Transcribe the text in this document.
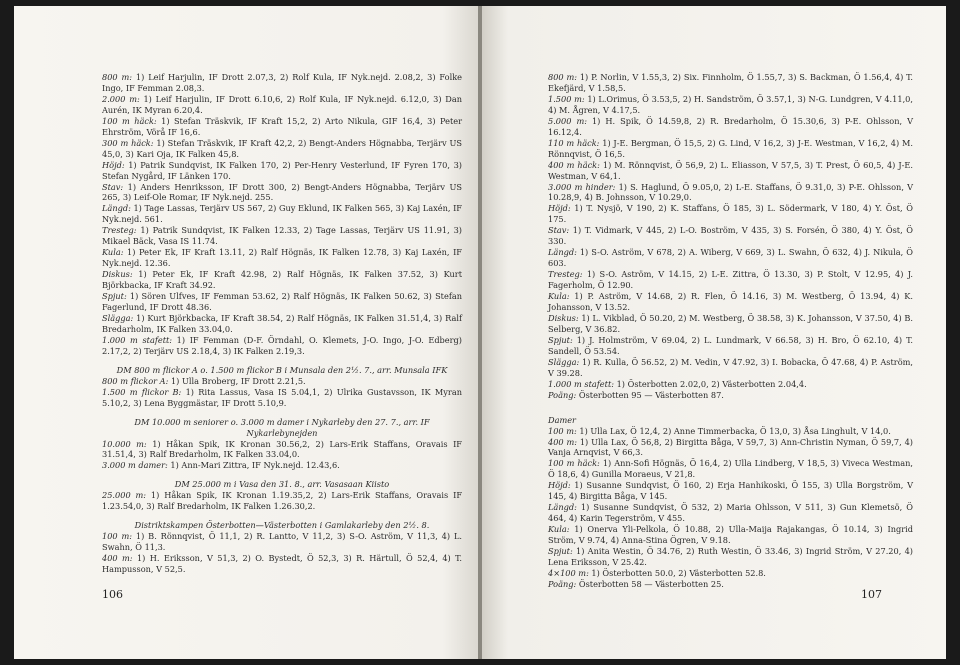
800 m: 1) Leif Harjulin, IF Drott 2.07,3, 2) Rolf Kula, IF Nyk.nejd. 2.08,2, 3) Folke Ingo, IF Femman 2.08,3.

2.000 m: 1) Leif Harjulin, IF Drott 6.10,6, 2) Rolf Kula, IF Nyk.nejd. 6.12,0, 3) Dan Aurén, IK Myran 6.20,4.

100 m häck: 1) Stefan Träskvik, IF Kraft 15,2, 2) Arto Nikula, GIF 16,4, 3) Peter Ehrström, Vörå IF 16,6.

300 m häck: 1) Stefan Träskvik, IF Kraft 42,2, 2) Bengt-Anders Högnabba, Terjärv US 45,0, 3) Kari Oja, IK Falken 45,8.

Höjd: 1) Patrik Sundqvist, IK Falken 170, 2) Per-Henry Vesterlund, IF Fyren 170, 3) Stefan Nygård, IF Länken 170.

Stav: 1) Anders Henriksson, IF Drott 300, 2) Bengt-Anders Högnabba, Terjärv US 265, 3) Leif-Ole Romar, IF Nyk.nejd. 255.

Längd: 1) Tage Lassas, Terjärv US 567, 2) Guy Eklund, IK Falken 565, 3) Kaj Laxén, IF Nyk.nejd. 561.

Tresteg: 1) Patrik Sundqvist, IK Falken 12.33, 2) Tage Lassas, Terjärv US 11.91, 3) Mikael Bäck, Vasa IS 11.74.

Kula: 1) Peter Ek, IF Kraft 13.11, 2) Ralf Högnäs, IK Falken 12.78, 3) Kaj Laxén, IF Nyk.nejd. 12.36.

Diskus: 1) Peter Ek, IF Kraft 42.98, 2) Ralf Högnäs, IK Falken 37.52, 3) Kurt Björkbacka, IF Kraft 34.92.

Spjut: 1) Sören Ulfves, IF Femman 53.62, 2) Ralf Högnäs, IK Falken 50.62, 3) Stefan Fagerlund, IF Drott 48.36.

Slägga: 1) Kurt Björkbacka, IF Kraft 38.54, 2) Ralf Högnäs, IK Falken 31.51,4, 3) Ralf Bredarholm, IK Falken 33.04,0.

1.000 m stafett: 1) IF Femman (D-F. Örndahl, O. Klemets, J-O. Ingo, J-O. Edberg) 2.17,2, 2) Terjärv US 2.18,4, 3) IK Falken 2.19,3.

DM 800 m flickor A o. 1.500 m flickor B i Munsala den 2½. 7., arr. Munsala IFK

800 m flickor A: 1) Ulla Broberg, IF Drott 2.21,5.

1.500 m flickor B: 1) Rita Lassus, Vasa IS 5.04,1, 2) Ulrika Gustavsson, IK Myran 5.10,2, 3) Lena Byggmästar, IF Drott 5.10,9.

DM 10.000 m seniorer o. 3.000 m damer i Nykarleby den 27. 7., arr. IF Nykarlebynejden

10.000 m: 1) Håkan Spik, IK Kronan 30.56,2, 2) Lars-Erik Staffans, Oravais IF 31.51,4, 3) Ralf Bredarholm, IK Falken 33.04,0.

3.000 m damer: 1) Ann-Mari Zittra, IF Nyk.nejd. 12.43,6.

DM 25.000 m i Vasa den 31. 8., arr. Vasasaan Kiisto

25.000 m: 1) Håkan Spik, IK Kronan 1.19.35,2, 2) Lars-Erik Staffans, Oravais IF 1.23.54,0, 3) Ralf Bredarholm, IK Falken 1.26.30,2.

Distriktskampen Österbotten—Västerbotten i Gamlakarleby den 2½. 8.

100 m: 1) B. Rönnqvist, Ö 11,1, 2) R. Lantto, V 11,2, 3) S-O. Aström, V 11,3, 4) L. Swahn, Ö 11,3.

400 m: 1) H. Eriksson, V 51,3, 2) O. Bystedt, Ö 52,3, 3) R. Härtull, Ö 52,4, 4) T. Hampusson, V 52,5.

106

800 m: 1) P. Norlin, V 1.55,3, 2) Six. Finnholm, Ö 1.55,7, 3) S. Backman, Ö 1.56,4, 4) T. Ekefjärd, V 1.58,5.

1.500 m: 1) L.Orimus, Ö 3.53,5, 2) H. Sandström, Ö 3.57,1, 3) N-G. Lundgren, V 4.11,0, 4) M. Ågren, V 4.17,5.

5.000 m: 1) H. Spik, Ö 14.59,8, 2) R. Bredarholm, Ö 15.30,6, 3) P-E. Ohlsson, V 16.12,4.

110 m häck: 1) J-E. Bergman, Ö 15,5, 2) G. Lind, V 16,2, 3) J-E. Westman, V 16,2, 4) M. Rönnqvist, Ö 16,5.

400 m häck: 1) M. Rönnqvist, Ö 56,9, 2) L. Eliasson, V 57,5, 3) T. Prest, Ö 60,5, 4) J-E. Westman, V 64,1.

3.000 m hinder: 1) S. Haglund, Ö 9.05,0, 2) L-E. Staffans, Ö 9.31,0, 3) P-E. Ohlsson, V 10.28,9, 4) B. Johnsson, V 10.29,0.

Höjd: 1) T. Nysjö, V 190, 2) K. Staffans, Ö 185, 3) L. Södermark, V 180, 4) Y. Öst, Ö 175.

Stav: 1) T. Vidmark, V 445, 2) L-O. Boström, V 435, 3) S. Forsén, Ö 380, 4) Y. Öst, Ö 330.

Längd: 1) S-O. Aström, V 678, 2) A. Wiberg, V 669, 3) L. Swahn, Ö 632, 4) J. Nikula, Ö 603.

Tresteg: 1) S-O. Aström, V 14.15, 2) L-E. Zittra, Ö 13.30, 3) P. Stolt, V 12.95, 4) J. Fagerholm, Ö 12.90.

Kula: 1) P. Aström, V 14.68, 2) R. Flen, Ö 14.16, 3) M. Westberg, Ö 13.94, 4) K. Johansson, V 13.52.

Diskus: 1) L. Vikblad, Ö 50.20, 2) M. Westberg, Ö 38.58, 3) K. Johansson, V 37.50, 4) B. Selberg, V 36.82.

Spjut: 1) J. Holmström, V 69.04, 2) L. Lundmark, V 66.58, 3) H. Bro, Ö 62.10, 4) T. Sandell, Ö 53.54.

Slägga: 1) R. Kulla, Ö 56.52, 2) M. Vedin, V 47.92, 3) I. Bobacka, Ö 47.68, 4) P. Aström, V 39.28.

1.000 m stafett: 1) Österbotten 2.02,0, 2) Västerbotten 2.04,4.

Poäng: Österbotten 95 — Västerbotten 87.

Damer

100 m: 1) Ulla Lax, Ö 12,4, 2) Anne Timmerbacka, Ö 13,0, 3) Åsa Linghult, V 14,0.

400 m: 1) Ulla Lax, Ö 56,8, 2) Birgitta Båga, V 59,7, 3) Ann-Christin Nyman, Ö 59,7, 4) Vanja Arnqvist, V 66,3.

100 m häck: 1) Ann-Sofi Högnäs, Ö 16,4, 2) Ulla Lindberg, V 18,5, 3) Viveca Westman, Ö 18,6, 4) Gunilla Moraeus, V 21,8.

Höjd: 1) Susanne Sundqvist, Ö 160, 2) Erja Hanhikoski, Ö 155, 3) Ulla Borgström, V 145, 4) Birgitta Båga, V 145.

Längd: 1) Susanne Sundqvist, Ö 532, 2) Maria Ohlsson, V 511, 3) Gun Klemetsö, Ö 464, 4) Karin Tegerström, V 455.

Kula: 1) Onerva Yli-Pelkola, Ö 10.88, 2) Ulla-Maija Rajakangas, Ö 10.14, 3) Ingrid Ström, V 9.74, 4) Anna-Stina Ögren, V 9.18.

Spjut: 1) Anita Westin, Ö 34.76, 2) Ruth Westin, Ö 33.46, 3) Ingrid Ström, V 27.20, 4) Lena Eriksson, V 25.42.

4×100 m: 1) Österbotten 50.0, 2) Västerbotten 52.8.

Poäng: Österbotten 58 — Västerbotten 25.

107
